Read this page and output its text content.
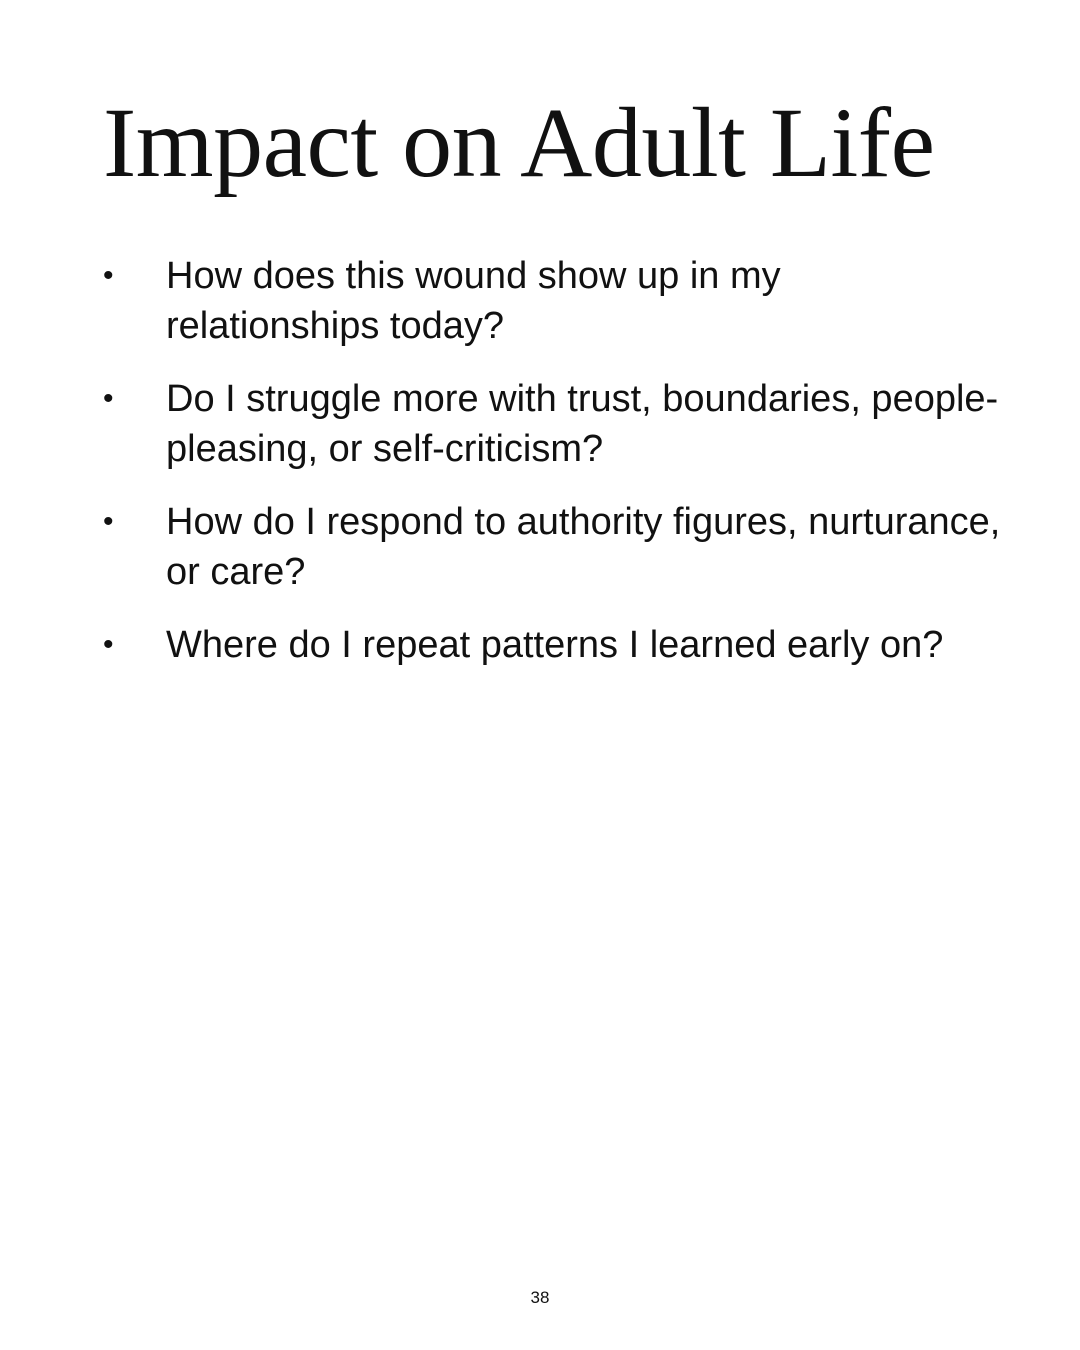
Impact on Adult Life
• How does this wound show up in my relationships today?
• Do I struggle more with trust, boundaries, people-pleasing, or self-criticism?
• How do I respond to authority figures, nurturance, or care?
• Where do I repeat patterns I learned early on?
38
